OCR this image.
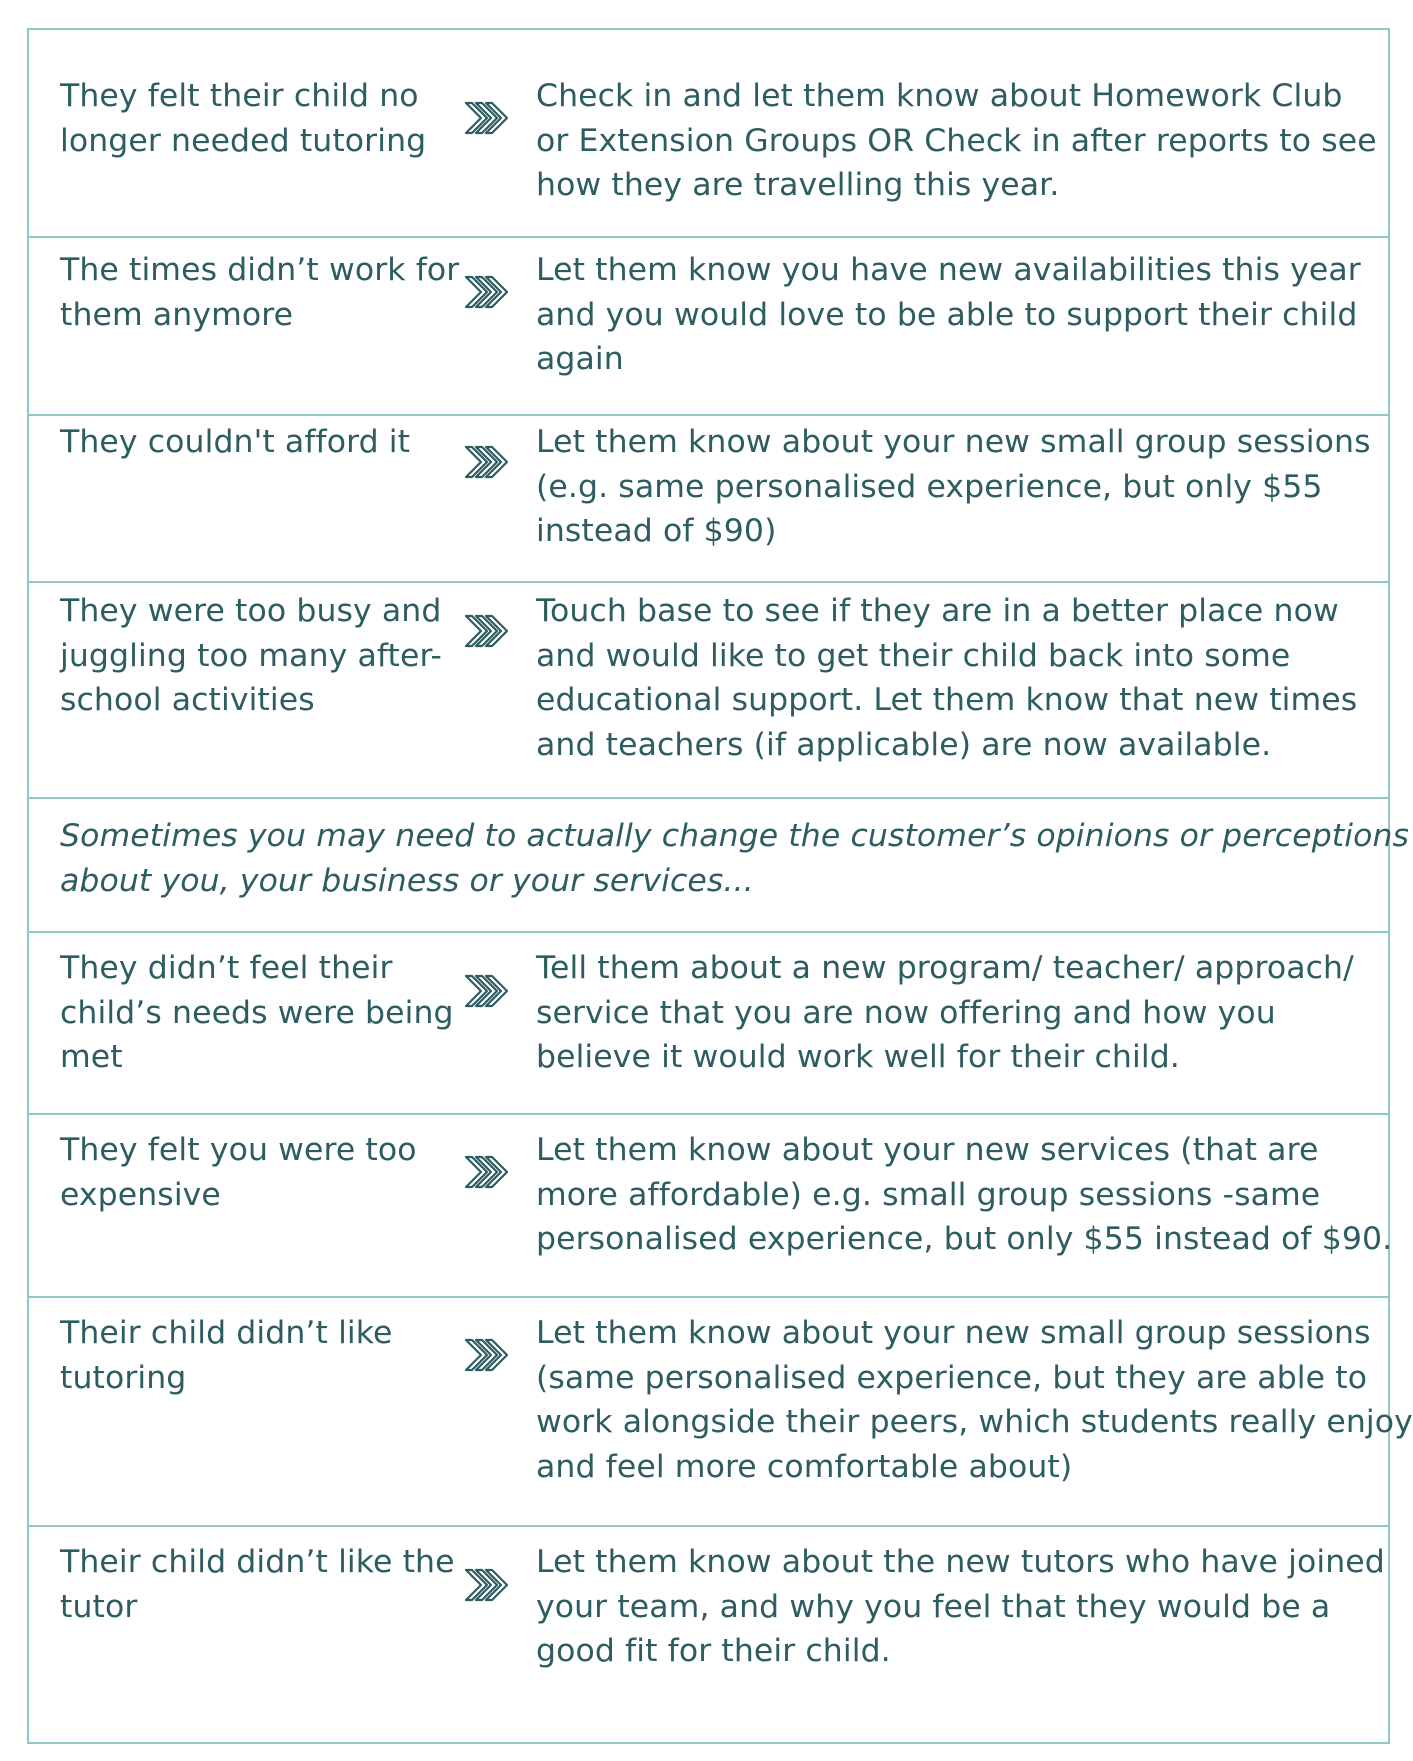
They felt their child no
longer needed tutoring
Check in and let them know about Homework Club
or Extension Groups OR Check in after reports to see
how they are travelling this year.
The times didn’t work for
them anymore
Let them know you have new availabilities this year
and you would love to be able to support their child
again
They couldn't afford it	Let them know about your new small group sessions
(e.g. same personalised experience, but only $55
instead of $90)
They were too busy and
juggling too many after-
school activities
Touch base to see if they are in a better place now
and would like to get their child back into some
educational support. Let them know that new times
and teachers (if applicable) are now available.
Sometimes you may need to actually change the customer’s opinions or perceptions
about you, your business or your services...
They didn’t feel their
child’s needs were being
met
Tell them about a new program/ teacher/ approach/
service that you are now offering and how you
believe it would work well for their child.
They felt you were too
expensive
Let them know about your new services (that are
more affordable) e.g. small group sessions -same
personalised experience, but only $55 instead of $90.
Their child didn’t like
tutoring
Let them know about your new small group sessions
(same personalised experience, but they are able to
work alongside their peers, which students really enjoy
and feel more comfortable about)
Their child didn’t like the
tutor
Let them know about the new tutors who have joined
your team, and why you feel that they would be a
good fit for their child.
